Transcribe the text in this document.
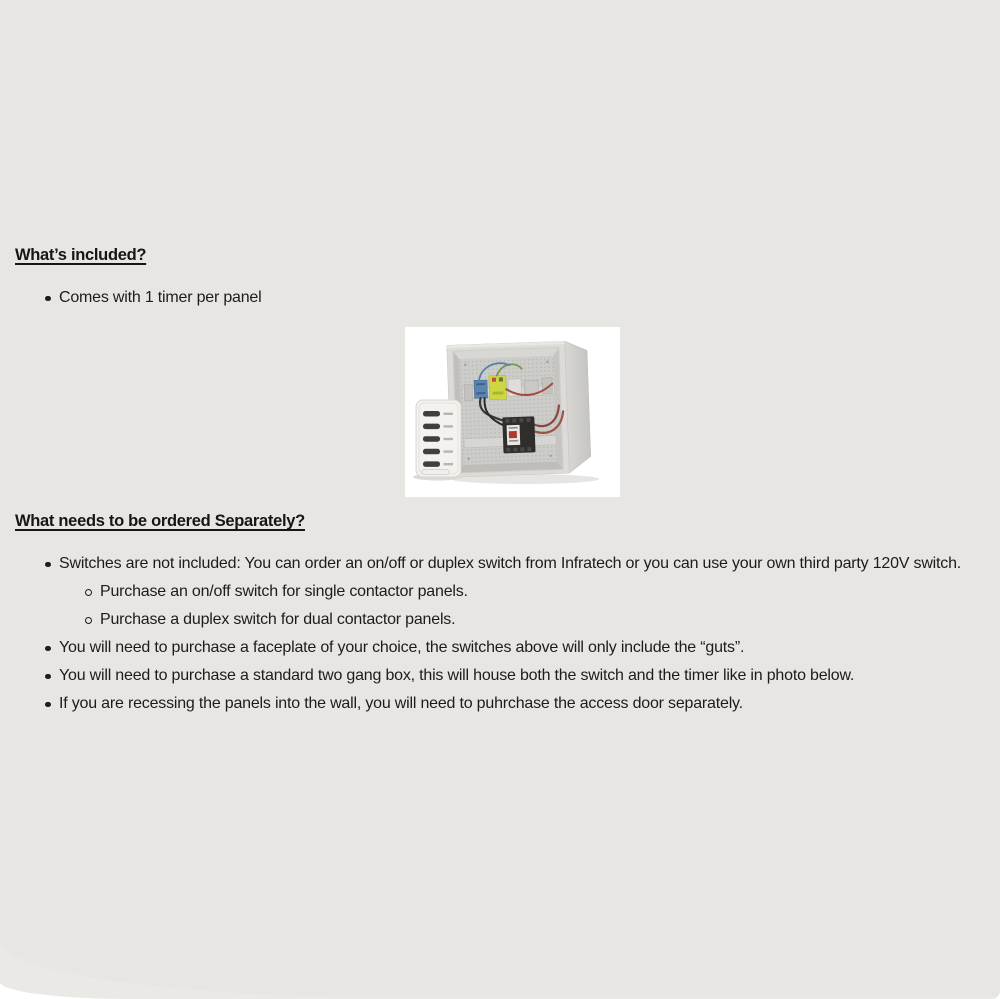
What’s included?
Comes with 1 timer per panel
What needs to be ordered Separately?
Switches are not included: You can order an on/off or duplex switch from Infratech or you can use your own third party 120V switch.
Purchase an on/off switch for single contactor panels.
Purchase a duplex switch for dual contactor panels.
You will need to purchase a faceplate of your choice, the switches above will only include the “guts”.
You will need to purchase a standard two gang box, this will house both the switch and the timer like in photo below.
If you are recessing the panels into the wall, you will need to puhrchase the access door separately.
